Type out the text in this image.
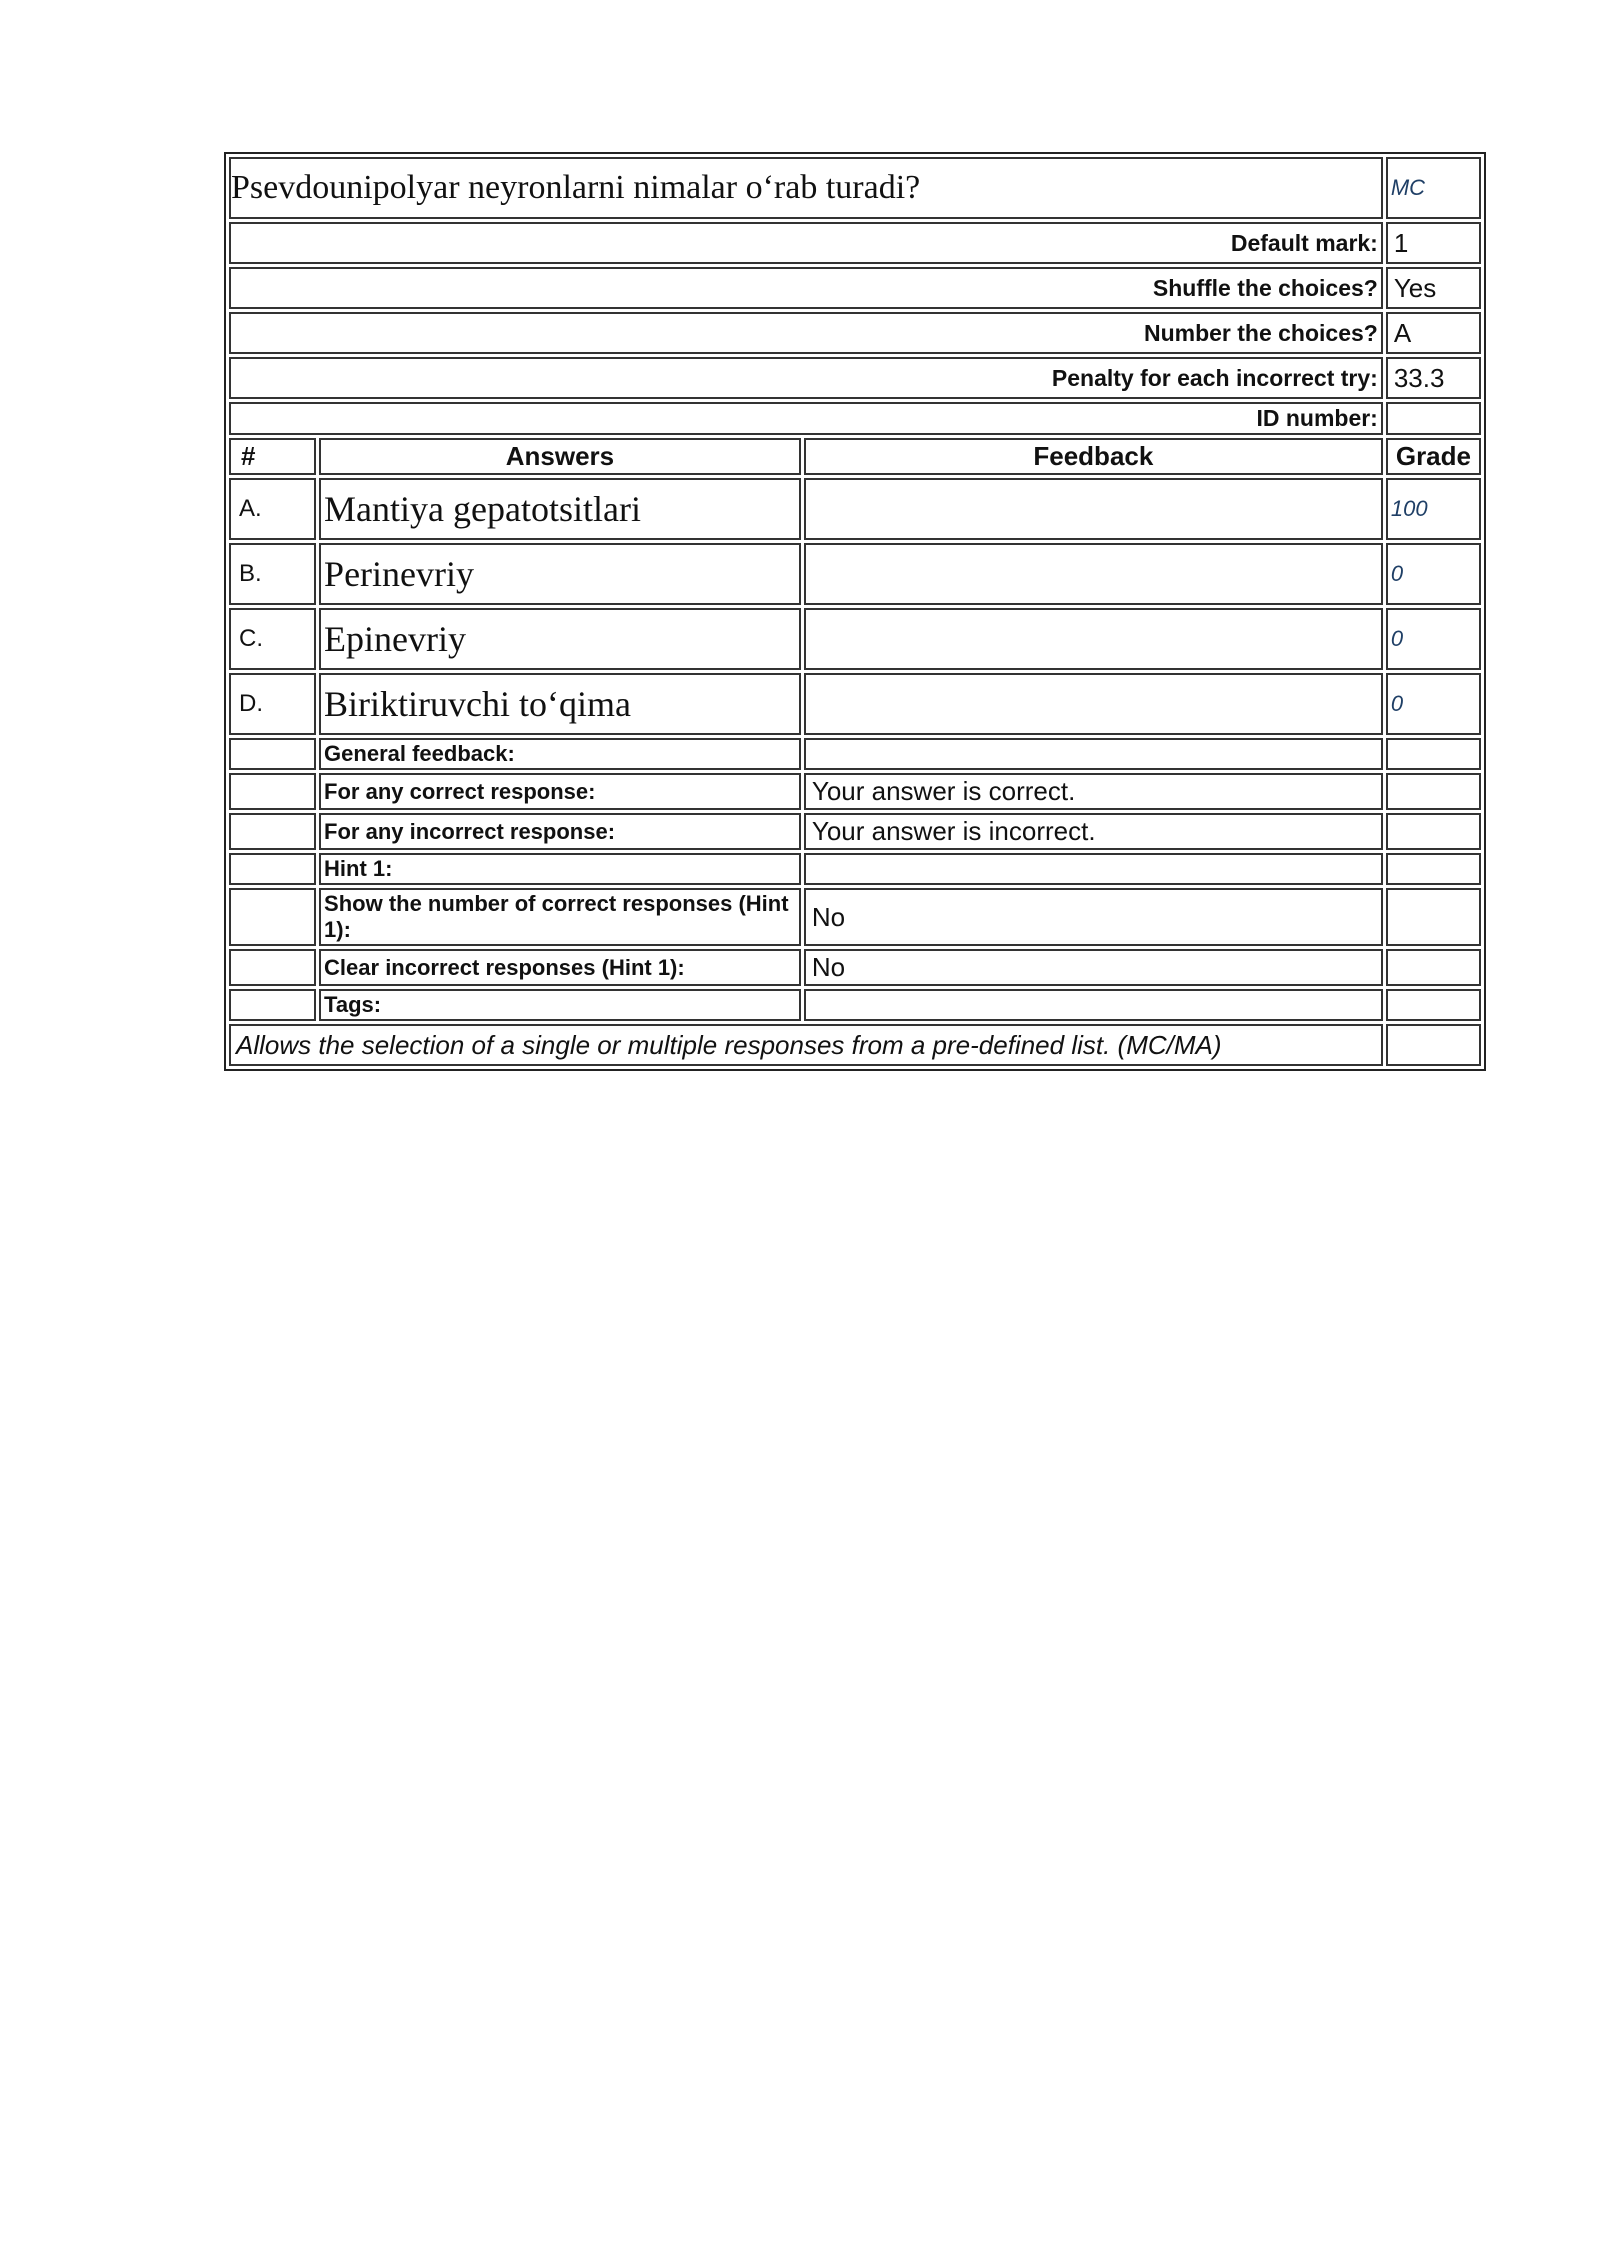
Psevdounipolyar neyronlarni nimalar o‘rab turadi?			MC
Default mark:			1
Shuffle the choices?			Yes
Number the choices?			A
Penalty for each incorrect try:			33.3
ID number:			
#	Answers	Feedback	Grade
A.	Mantiya gepatotsitlari		100
B.	Perinevriy		0
C.	Epinevriy		0
D.	Biriktiruvchi to‘qima		0
	General feedback:		
	For any correct response:	Your answer is correct.	
	For any incorrect response:	Your answer is incorrect.	
	Hint 1:		
	Show the number of correct responses (Hint 1):	No	
	Clear incorrect responses (Hint 1):	No	
	Tags:		
Allows the selection of a single or multiple responses from a pre-defined list. (MC/MA)			
